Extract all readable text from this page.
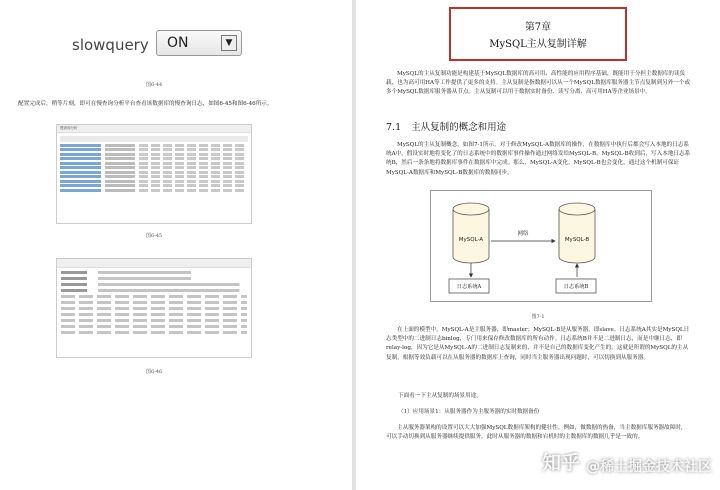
slowquery ON	▼
图6-44
配置完成后，稍等片刻，即可在慢查询分析平台查看该数据库的慢查询日志，如图6-45和图6-46所示。
慢查询分析
图6-45
图6-46
第7章
MySQL主从复制详解
MySQL的主从复制功能是构建基于MySQL数据库的高可用、高性能的应用程序基础，既能用于分担主数据库的读负载，也为高可用HA等工作提供了更多的支持。主从复制是指数据可以从一个MySQL数据库服务器主节点复制到另外一个或多个MySQL数据库服务器从节点。主从复制可以用于数据实时备份、读写分离、高可用HA等企业场景中。
7.1 主从复制的概念和用途
MySQL的主从复制概念，如图7-1所示。对于修改MySQL-A数据库的操作，在数据库中执行后都会写入本地的日志系统A中。假设实时地将变化了的日志系统中的数据库事件操作通过网络发给MySQL-B。MySQL-B收到后，写入本地日志系统B，然后一条条地将数据库事件在数据库中完成。那么，MySQL-A变化，MySQL-B也会变化，通过这个机制可保证MySQL-A数据库和MySQL-B数据库的数据同步。
MySQL-A	MySQL-B
网络
日志系统A	日志系统B
图7-1
在上面的模型中，MySQL-A是主服务器，即master；MySQL-B是从服务器，即slave。日志系统A其实是MySQL日志类型中的二进制日志binlog，专门用来保存修改数据库的所有动作。日志系统B并不是二进制日志，而是中继日志，即relay-log，因为它是从MySQL-A的二进制日志复制来的，并不是自己的数据库变化产生的。这就是所谓的MySQL的主从复制，根据等效负载可以在从服务器的数据库上查询，同时当主服务器出现问题时，可以切换到从服务器。
下面看一下主从复制的场景用途。
（1）应用场景1：从服务器作为主服务器的实时数据备份
主从服务器架构的设置可以大大加强MySQL数据库架构的健壮性。例如，做数据的热备，当主数据库服务器故障时，可以手动切换到从服务器继续提供服务，此时从服务器的数据和宕机时的主数据库的数据几乎是一致的。
知乎 @稀土掘金技术社区
